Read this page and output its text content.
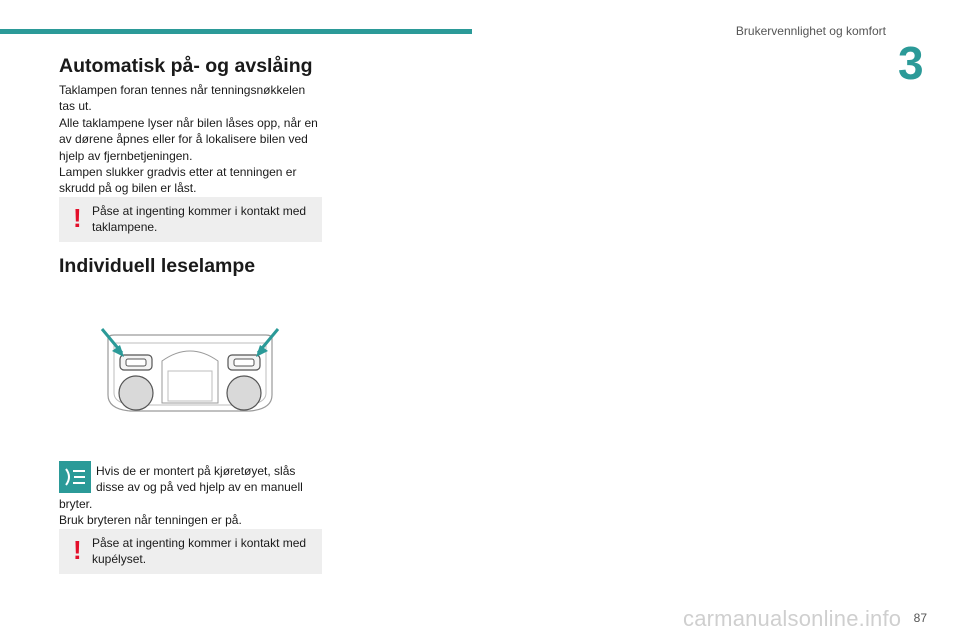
Brukervennlighet og komfort
3
Automatisk på- og avslåing
Taklampen foran tennes når tenningsnøkkelen
tas ut.
Alle taklampene lyser når bilen låses opp, når en
av dørene åpnes eller for å lokalisere bilen ved
hjelp av fjernbetjeningen.
Lampen slukker gradvis etter at tenningen er
skrudd på og bilen er låst.
! Påse at ingenting kommer i kontakt med
taklampene.
Individuell leselampe
Hvis de er montert på kjøretøyet, slås
disse av og på ved hjelp av en manuell
bryter.
Bruk bryteren når tenningen er på.
! Påse at ingenting kommer i kontakt med
kupélyset.
87
carmanualsonline.info
